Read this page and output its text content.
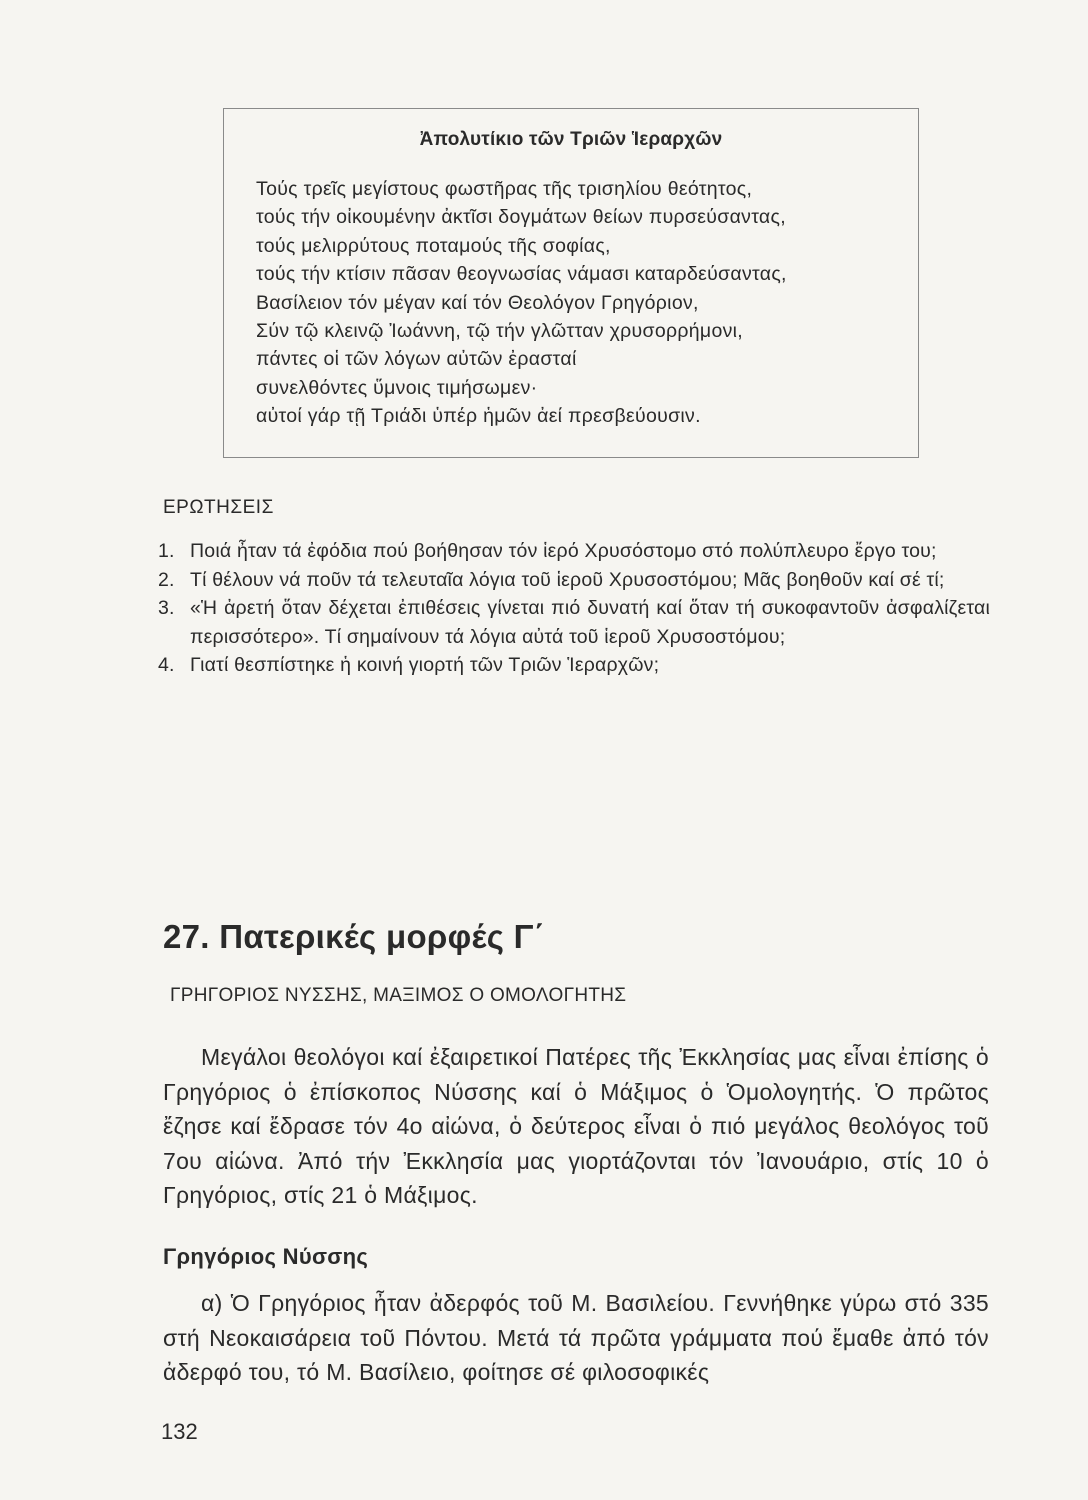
Ἀπολυτίκιο τῶν Τριῶν Ἱεραρχῶν
Τούς τρεῖς μεγίστους φωστῆρας τῆς τρισηλίου θεότητος,
τούς τήν οἰκουμένην ἀκτῖσι δογμάτων θείων πυρσεύσαντας,
τούς μελιρρύτους ποταμούς τῆς σοφίας,
τούς τήν κτίσιν πᾶσαν θεογνωσίας νάμασι καταρδεύσαντας,
Βασίλειον τόν μέγαν καί τόν Θεολόγον Γρηγόριον,
Σύν τῷ κλεινῷ Ἰωάννη, τῷ τήν γλῶτταν χρυσορρήμονι,
πάντες οἱ τῶν λόγων αὐτῶν ἐρασταί
συνελθόντες ὕμνοις τιμήσωμεν·
αὐτοί γάρ τῇ Τριάδι ὑπέρ ἡμῶν ἀεί πρεσβεύουσιν.
ΕΡΩΤΗΣΕΙΣ
1. Ποιά ἦταν τά ἐφόδια πού βοήθησαν τόν ἱερό Χρυσόστομο στό πολύπλευρο ἔργο του;
2. Τί θέλουν νά ποῦν τά τελευταῖα λόγια τοῦ ἱεροῦ Χρυσοστόμου; Μᾶς βοηθοῦν καί σέ τί;
3. «Ἡ ἀρετή ὅταν δέχεται ἐπιθέσεις γίνεται πιό δυνατή καί ὅταν τή συκοφαντοῦν ἀσφαλίζεται περισσότερο». Τί σημαίνουν τά λόγια αὐτά τοῦ ἱεροῦ Χρυσοστόμου;
4. Γιατί θεσπίστηκε ἡ κοινή γιορτή τῶν Τριῶν Ἱεραρχῶν;
27. Πατερικές μορφές Γ΄
ΓΡΗΓΟΡΙΟΣ ΝΥΣΣΗΣ, ΜΑΞΙΜΟΣ Ο ΟΜΟΛΟΓΗΤΗΣ

Μεγάλοι θεολόγοι καί ἐξαιρετικοί Πατέρες τῆς Ἐκκλησίας μας εἶναι ἐπίσης ὁ Γρηγόριος ὁ ἐπίσκοπος Νύσσης καί ὁ Μάξιμος ὁ Ὁμολογητής. Ὁ πρῶτος ἔζησε καί ἔδρασε τόν 4ο αἰώνα, ὁ δεύτερος εἶναι ὁ πιό μεγάλος θεολόγος τοῦ 7ου αἰώνα. Ἀπό τήν Ἐκκλησία μας γιορτάζονται τόν Ἰανουάριο, στίς 10 ὁ Γρηγόριος, στίς 21 ὁ Μάξιμος.

Γρηγόριος Νύσσης

α) Ὁ Γρηγόριος ἦταν ἀδερφός τοῦ Μ. Βασιλείου. Γεννήθηκε γύρω στό 335 στή Νεοκαισάρεια τοῦ Πόντου. Μετά τά πρῶτα γράμματα πού ἔμαθε ἀπό τόν ἀδερφό του, τό Μ. Βασίλειο, φοίτησε σέ φιλοσοφικές

132
